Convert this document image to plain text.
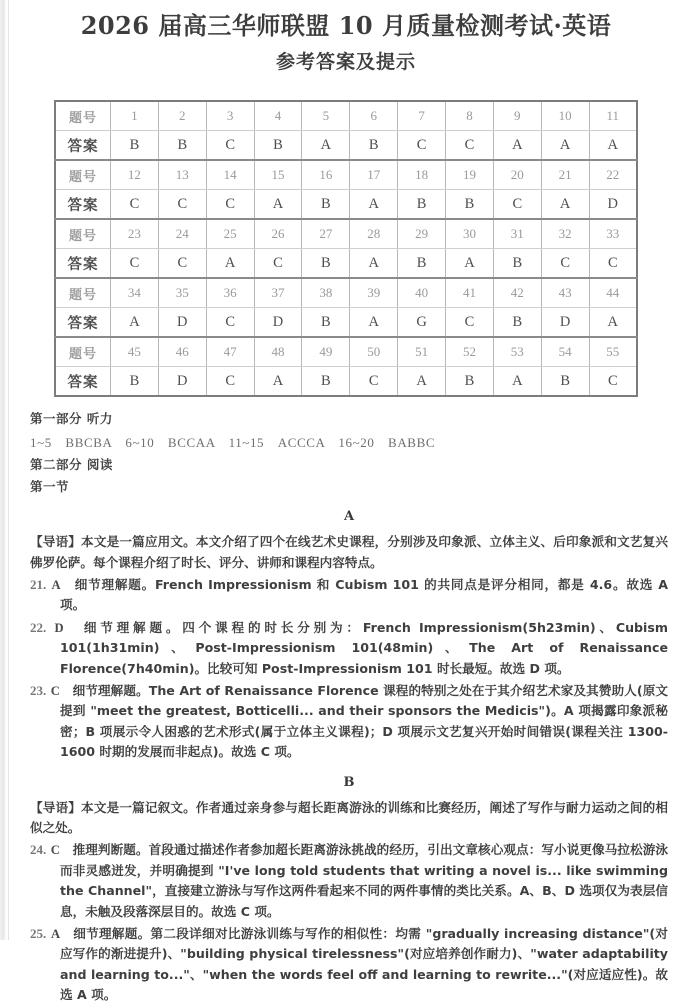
2026 届高三华师联盟 10 月质量检测考试·英语
参考答案及提示
题号	1	2	3	4	5	6	7	8	9	10	11
答案	B	B	C	B	A	B	C	C	A	A	A
题号	12	13	14	15	16	17	18	19	20	21	22
答案	C	C	C	A	B	A	B	B	C	A	D
题号	23	24	25	26	27	28	29	30	31	32	33
答案	C	C	A	C	B	A	B	A	B	C	C
题号	34	35	36	37	38	39	40	41	42	43	44
答案	A	D	C	D	B	A	G	C	B	D	A
题号	45	46	47	48	49	50	51	52	53	54	55
答案	B	D	C	A	B	C	A	B	A	B	C
第一部分 听力
1~5　BBCBA　6~10　BCCAA　11~15　ACCCA　16~20　BABBC
第二部分 阅读
第一节
A
【导语】本文是一篇应用文。本文介绍了四个在线艺术史课程，分别涉及印象派、立体主义、后印象派和文艺复兴佛罗伦萨。每个课程介绍了时长、评分、讲师和课程内容特点。
21. A　 细节理解题。French Impressionism 和 Cubism 101 的共同点是评分相同，都是 4.6。故选 A 项。
22. D　 细节理解题。四个课程的时长分别为：French Impressionism(5h23min)、Cubism 101(1h31min)、Post-Impressionism 101(48min)、The Art of Renaissance Florence(7h40min)。比较可知 Post-Impressionism 101 时长最短。故选 D 项。
23. C　 细节理解题。The Art of Renaissance Florence 课程的特别之处在于其介绍艺术家及其赞助人(原文提到 "meet the greatest, Botticelli... and their sponsors the Medicis")。A 项揭露印象派秘密；B 项展示令人困惑的艺术形式(属于立体主义课程)；D 项展示文艺复兴开始时间错误(课程关注 1300-1600 时期的发展而非起点)。故选 C 项。
B
【导语】本文是一篇记叙文。作者通过亲身参与超长距离游泳的训练和比赛经历，阐述了写作与耐力运动之间的相似之处。
24. C　 推理判断题。首段通过描述作者参加超长距离游泳挑战的经历，引出文章核心观点：写小说更像马拉松游泳而非灵感迸发，并明确提到 "I've long told students that writing a novel is... like swimming the Channel"，直接建立游泳与写作这两件看起来不同的两件事情的类比关系。A、B、D 选项仅为表层信息，未触及段落深层目的。故选 C 项。
25. A　 细节理解题。第二段详细对比游泳训练与写作的相似性：均需 "gradually increasing distance"(对应写作的渐进提升)、"building physical tirelessness"(对应培养创作耐力)、"water adaptability and learning to..."、"when the words feel off and learning to rewrite..."(对应适应性)。故选 A 项。
